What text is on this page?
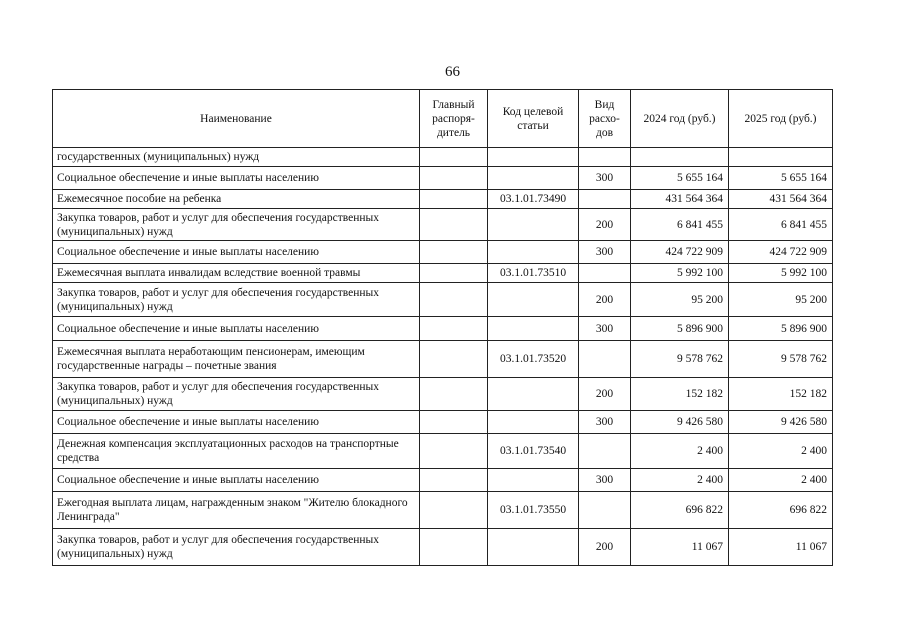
66
Наименование	Главный распоря-дитель	Код целевой статьи	Вид расхо-дов	2024 год (руб.)	2025 год (руб.)
государственных (муниципальных) нужд					
Социальное обеспечение и иные выплаты населению			300	5 655 164	5 655 164
Ежемесячное пособие на ребенка		03.1.01.73490		431 564 364	431 564 364
Закупка товаров, работ и услуг для обеспечения государственных (муниципальных) нужд			200	6 841 455	6 841 455
Социальное обеспечение и иные выплаты населению			300	424 722 909	424 722 909
Ежемесячная выплата инвалидам вследствие военной травмы		03.1.01.73510		5 992 100	5 992 100
Закупка товаров, работ и услуг для обеспечения государственных (муниципальных) нужд			200	95 200	95 200
Социальное обеспечение и иные выплаты населению			300	5 896 900	5 896 900
Ежемесячная выплата неработающим пенсионерам, имеющим государственные награды – почетные звания		03.1.01.73520		9 578 762	9 578 762
Закупка товаров, работ и услуг для обеспечения государственных (муниципальных) нужд			200	152 182	152 182
Социальное обеспечение и иные выплаты населению			300	9 426 580	9 426 580
Денежная компенсация эксплуатационных расходов на транспортные средства		03.1.01.73540		2 400	2 400
Социальное обеспечение и иные выплаты населению			300	2 400	2 400
Ежегодная выплата лицам, награжденным знаком "Жителю блокадного Ленинграда"		03.1.01.73550		696 822	696 822
Закупка товаров, работ и услуг для обеспечения государственных (муниципальных) нужд			200	11 067	11 067
